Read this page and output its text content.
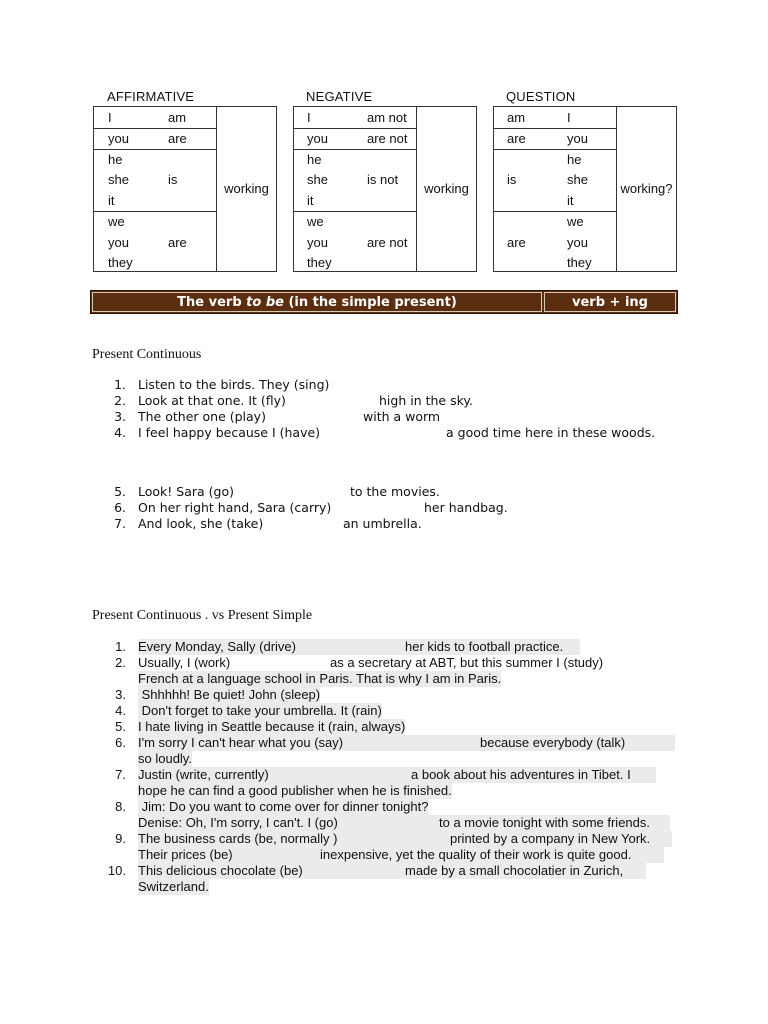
AFFIRMATIVE
I	am
you	are
he
she	is
it
we
you	are
they
working
NEGATIVE
I	am not
you	are not
he
she	is not
it
we
you	are not
they
working
QUESTION
am	I
are	you
he
is	she
it
we
are	you
they
working?
The verb to be (in the simple present)	verb + ing
Present Continuous
1. Listen to the birds. They (sing)
2. Look at that one. It (fly)	high in the sky.
3. The other one (play)	with a worm
4. I feel happy because I (have)	a good time here in these woods.
5. Look! Sara (go)	to the movies.
6. On her right hand, Sara (carry)	her handbag.
7. And look, she (take)	an umbrella.
Present Continuous . vs Present Simple
1. Every Monday, Sally (drive)	her kids to football practice.
2. Usually, I (work)	as a secretary at ABT, but this summer I (study)
French at a language school in Paris. That is why I am in Paris.
3. Shhhhh! Be quiet! John (sleep)
4. Don't forget to take your umbrella. It (rain)
5. I hate living in Seattle because it (rain, always)
6. I'm sorry I can't hear what you (say)	because everybody (talk)
so loudly.
7. Justin (write, currently)	a book about his adventures in Tibet. I
hope he can find a good publisher when he is finished.
8. Jim: Do you want to come over for dinner tonight?
Denise: Oh, I'm sorry, I can't. I (go)	to a movie tonight with some friends.
9. The business cards (be, normally )	printed by a company in New York.
Their prices (be)	inexpensive, yet the quality of their work is quite good.
10. This delicious chocolate (be)	made by a small chocolatier in Zurich,
Switzerland.
